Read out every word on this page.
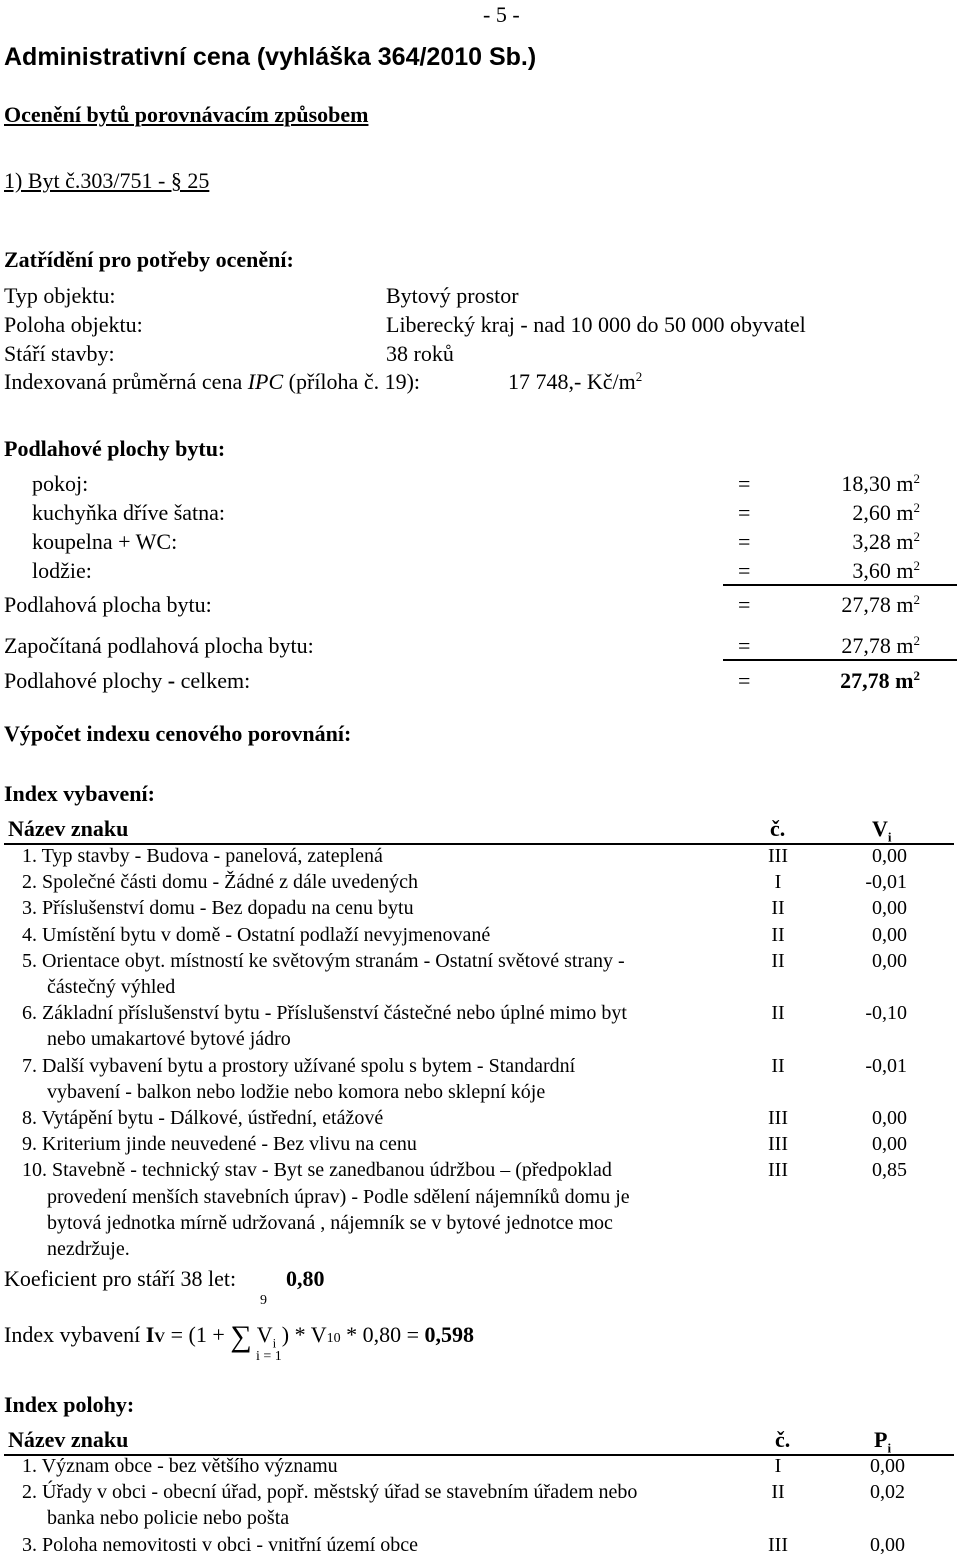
- 5 -
Administrativní cena (vyhláška 364/2010 Sb.)
Ocenění bytů porovnávacím způsobem
1) Byt č.303/751 - § 25
Zatřídění pro potřeby ocenění:
Typ objektu:	Bytový prostor
Poloha objektu:	Liberecký kraj - nad 10 000 do 50 000 obyvatel
Stáří stavby:	38 roků
Indexovaná průměrná cena IPC (příloha č. 19):	17 748,- $Kč/m^2$
Podlahové plochy bytu:
pokoj:	=	18,30 $m^2$
kuchyňka dříve šatna:	=	2,60 $m^2$
koupelna + WC:	=	3,28 $m^2$
lodžie:	=	3,60 $m^2$
Podlahová plocha bytu:	=	27,78 $m^2$
Započítaná podlahová plocha bytu:	=	27,78 $m^2$
Podlahové plochy - celkem:	=	27,78 $m^2$
Výpočet indexu cenového porovnání:
Index vybavení:
Název znaku	č.	$V_i$
1. Typ stavby - Budova - panelová, zateplená	III	0,00
2. Společné části domu - Žádné z dále uvedených	I	-0,01
3. Příslušenství domu - Bez dopadu na cenu bytu	II	0,00
4. Umístění bytu v domě - Ostatní podlaží nevyjmenované	II	0,00
5. Orientace obyt. místností ke světovým stranám - Ostatní světové strany -
částečný výhled
II	0,00
6. Základní příslušenství bytu - Příslušenství částečné nebo úplné mimo byt
nebo umakartové bytové jádro
II	-0,10
7. Další vybavení bytu a prostory užívané spolu s bytem - Standardní
vybavení - balkon nebo lodžie nebo komora nebo sklepní kóje
II	-0,01
8. Vytápění bytu - Dálkové, ústřední, etážové	III	0,00
9. Kriterium jinde neuvedené - Bez vlivu na cenu	III	0,00
10. Stavebně - technický stav - Byt se zanedbanou údržbou – (předpoklad
provedení menších stavebních úprav) - Podle sdělení nájemníků domu je
bytová jednotka mírně udržovaná , nájemník se v bytové jednotce moc
nezdržuje.
III	0,85
Koeficient pro stáří 38 let: 0,80
9
i = 1
Index vybavení IV = (1 + ∑ $V_i$ ) * V10 * 0,80 = 0,598
Index polohy:
Název znaku	č.	$P_i$
1. Význam obce - bez většího významu	I	0,00
2. Úřady v obci - obecní úřad, popř. městský úřad se stavebním úřadem nebo
banka nebo policie nebo pošta
II	0,02
3. Poloha nemovitosti v obci - vnitřní území obce	III	0,00
